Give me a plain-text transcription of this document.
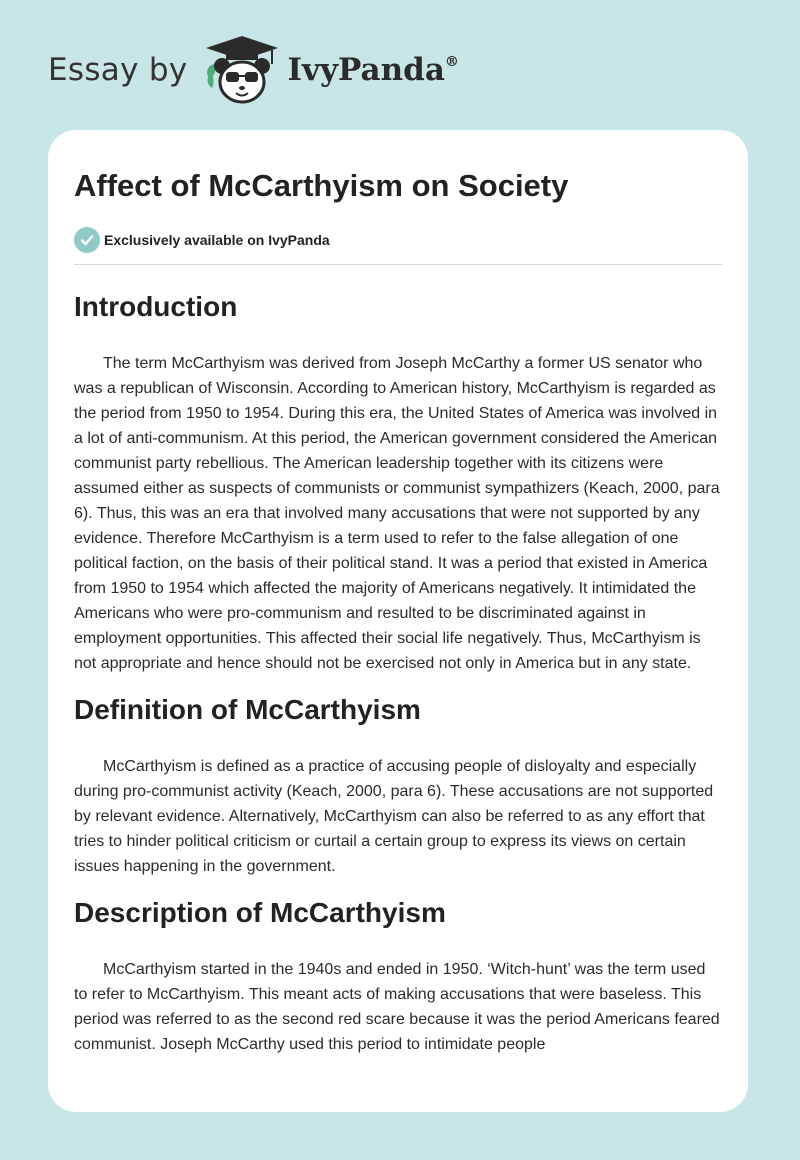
Essay by	IvyPanda®
Affect of McCarthyism on Society
Exclusively available on IvyPanda
Introduction

The term McCarthyism was derived from Joseph McCarthy a former US senator who was a republican of Wisconsin. According to American history, McCarthyism is regarded as the period from 1950 to 1954. During this era, the United States of America was involved in a lot of anti-communism. At this period, the American government considered the American communist party rebellious. The American leadership together with its citizens were assumed either as suspects of communists or communist sympathizers (Keach, 2000, para 6). Thus, this was an era that involved many accusations that were not supported by any evidence. Therefore McCarthyism is a term used to refer to the false allegation of one political faction, on the basis of their political stand. It was a period that existed in America from 1950 to 1954 which affected the majority of Americans negatively. It intimidated the Americans who were pro-communism and resulted to be discriminated against in employment opportunities. This affected their social life negatively. Thus, McCarthyism is not appropriate and hence should not be exercised not only in America but in any state.

Definition of McCarthyism

McCarthyism is defined as a practice of accusing people of disloyalty and especially during pro-communist activity (Keach, 2000, para 6). These accusations are not supported by relevant evidence. Alternatively, McCarthyism can also be referred to as any effort that tries to hinder political criticism or curtail a certain group to express its views on certain issues happening in the government.

Description of McCarthyism

McCarthyism started in the 1940s and ended in 1950. ‘Witch-hunt’ was the term used to refer to McCarthyism. This meant acts of making accusations that were baseless. This period was referred to as the second red scare because it was the period Americans feared communist. Joseph McCarthy used this period to intimidate people
